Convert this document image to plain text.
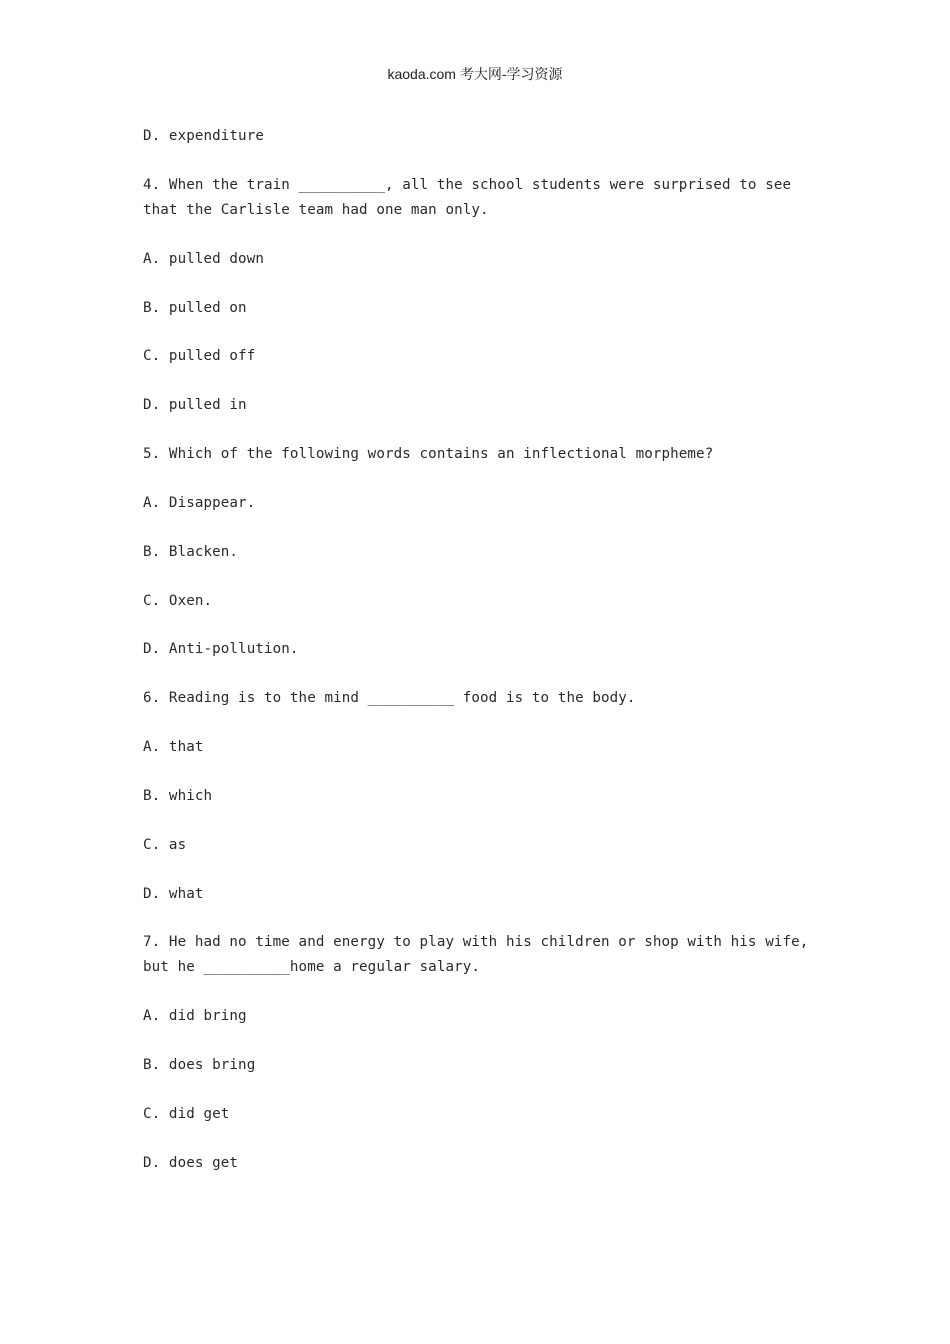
kaoda.com 考大网-学习资源
D. expenditure
4. When the train __________, all the school students were surprised to see
that the Carlisle team had one man only.
A. pulled down
B. pulled on
C. pulled off
D. pulled in
5. Which of the following words contains an inflectional morpheme?
A. Disappear.
B. Blacken.
C. Oxen.
D. Anti-pollution.
6. Reading is to the mind __________ food is to the body.
A. that
B. which
C. as
D. what
7. He had no time and energy to play with his children or shop with his wife,
but he __________home a regular salary.
A. did bring
B. does bring
C. did get
D. does get
